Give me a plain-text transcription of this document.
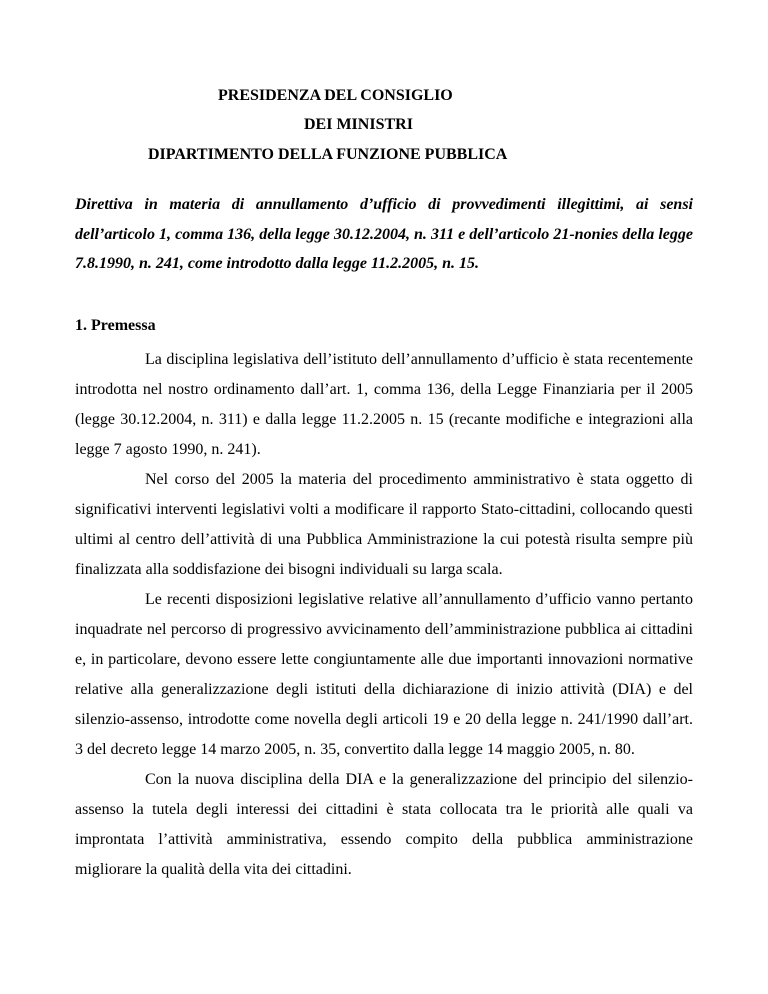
PRESIDENZA DEL CONSIGLIO
DEI MINISTRI
DIPARTIMENTO DELLA FUNZIONE PUBBLICA
Direttiva in materia di annullamento d’ufficio di provvedimenti illegittimi, ai sensi dell’articolo 1, comma 136, della legge 30.12.2004, n. 311 e dell’articolo 21-nonies della legge 7.8.1990, n. 241, come introdotto dalla legge 11.2.2005, n. 15.
1. Premessa

La disciplina legislativa dell’istituto dell’annullamento d’ufficio è stata recentemente introdotta nel nostro ordinamento dall’art. 1, comma 136, della Legge Finanziaria per il 2005 (legge 30.12.2004, n. 311) e dalla legge 11.2.2005 n. 15 (recante modifiche e integrazioni alla legge 7 agosto 1990, n. 241).

Nel corso del 2005 la materia del procedimento amministrativo è stata oggetto di significativi interventi legislativi volti a modificare il rapporto Stato-cittadini, collocando questi ultimi al centro dell’attività di una Pubblica Amministrazione la cui potestà risulta sempre più finalizzata alla soddisfazione dei bisogni individuali su larga scala.

Le recenti disposizioni legislative relative all’annullamento d’ufficio vanno pertanto inquadrate nel percorso di progressivo avvicinamento dell’amministrazione pubblica ai cittadini e, in particolare, devono essere lette congiuntamente alle due importanti innovazioni normative relative alla generalizzazione degli istituti della dichiarazione di inizio attività (DIA) e del silenzio-assenso, introdotte come novella degli articoli 19 e 20 della legge n. 241/1990 dall’art. 3 del decreto legge 14 marzo 2005, n. 35, convertito dalla legge 14 maggio 2005, n. 80.

Con la nuova disciplina della DIA e la generalizzazione del principio del silenzio-assenso la tutela degli interessi dei cittadini è stata collocata tra le priorità alle quali va improntata l’attività amministrativa, essendo compito della pubblica amministrazione migliorare la qualità della vita dei cittadini.
